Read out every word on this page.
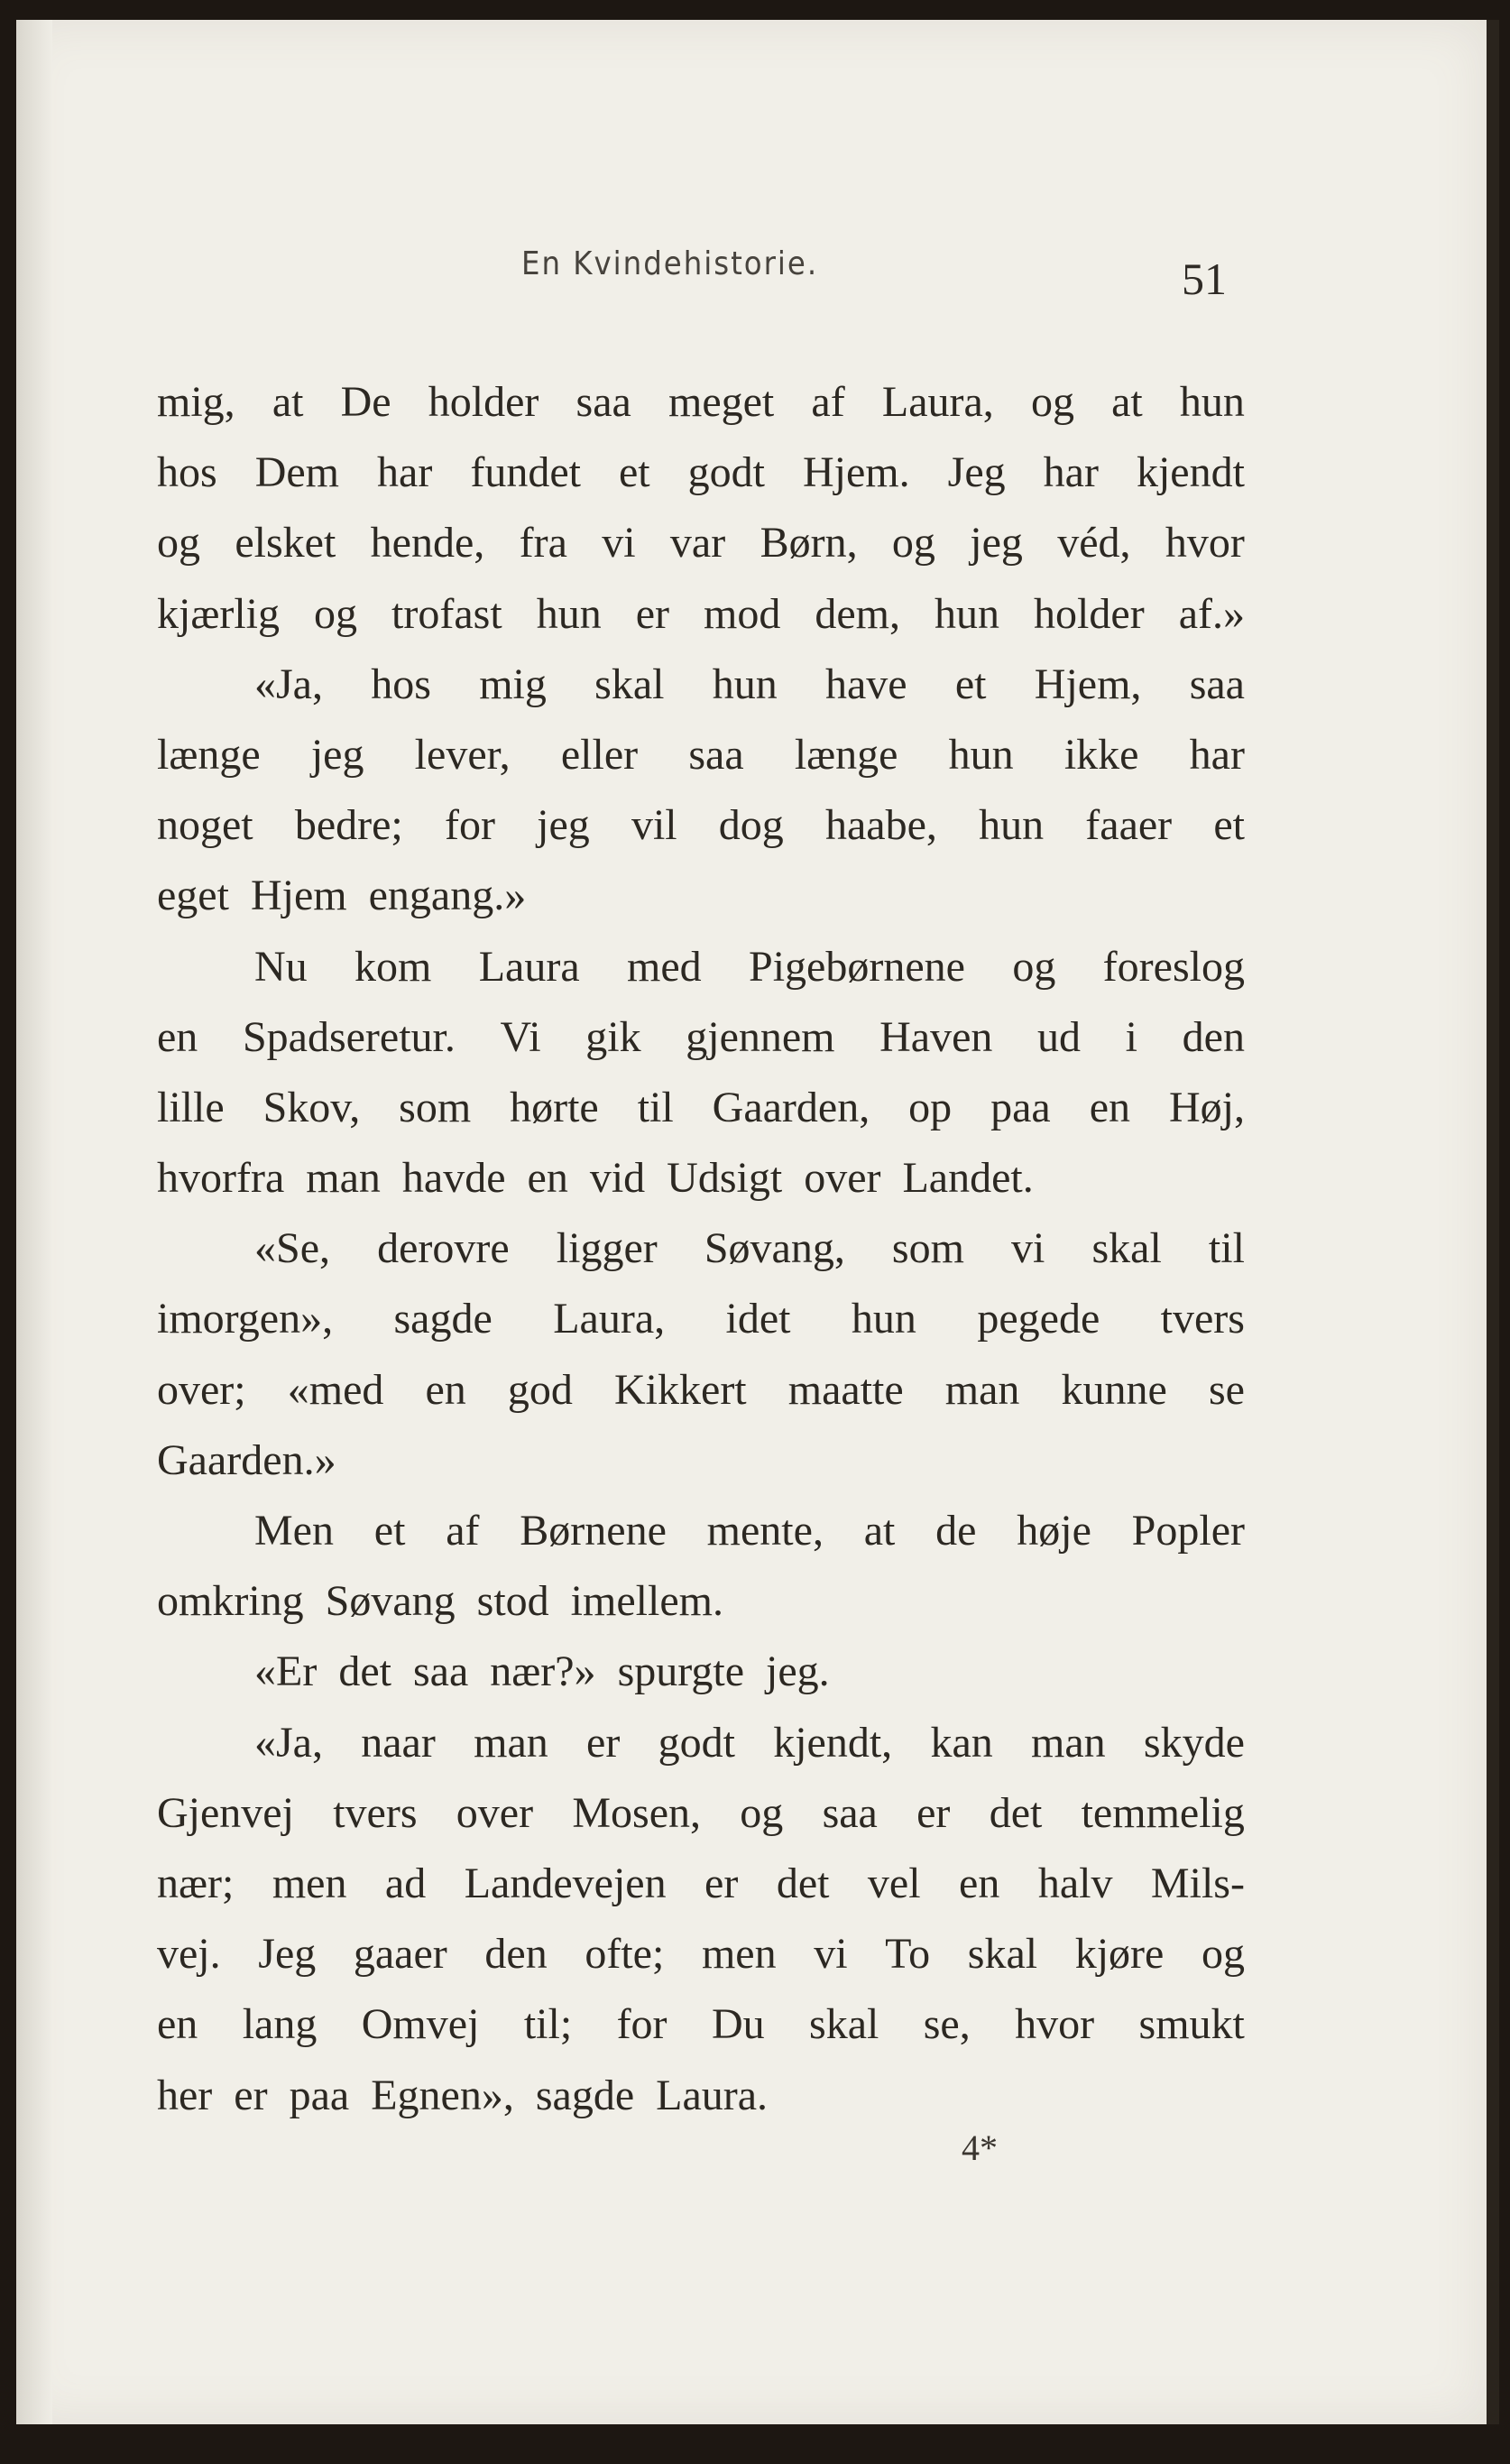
En Kvindehistorie.	51
mig, at De holder saa meget af Laura, og at hun
hos Dem har fundet et godt Hjem. Jeg har kjendt
og elsket hende, fra vi var Børn, og jeg véd, hvor
kjærlig og trofast hun er mod dem, hun holder af.»
«Ja, hos mig skal hun have et Hjem, saa
længe jeg lever, eller saa længe hun ikke har
noget bedre; for jeg vil dog haabe, hun faaer et
eget Hjem engang.»
Nu kom Laura med Pigebørnene og foreslog
en Spadseretur. Vi gik gjennem Haven ud i den
lille Skov, som hørte til Gaarden, op paa en Høj,
hvorfra man havde en vid Udsigt over Landet.
«Se, derovre ligger Søvang, som vi skal til
imorgen», sagde Laura, idet hun pegede tvers
over; «med en god Kikkert maatte man kunne se
Gaarden.»
Men et af Børnene mente, at de høje Popler
omkring Søvang stod imellem.
«Er det saa nær?» spurgte jeg.
«Ja, naar man er godt kjendt, kan man skyde
Gjenvej tvers over Mosen, og saa er det temmelig
nær; men ad Landevejen er det vel en halv Mils-
vej. Jeg gaaer den ofte; men vi To skal kjøre og
en lang Omvej til; for Du skal se, hvor smukt
her er paa Egnen», sagde Laura.
4*
